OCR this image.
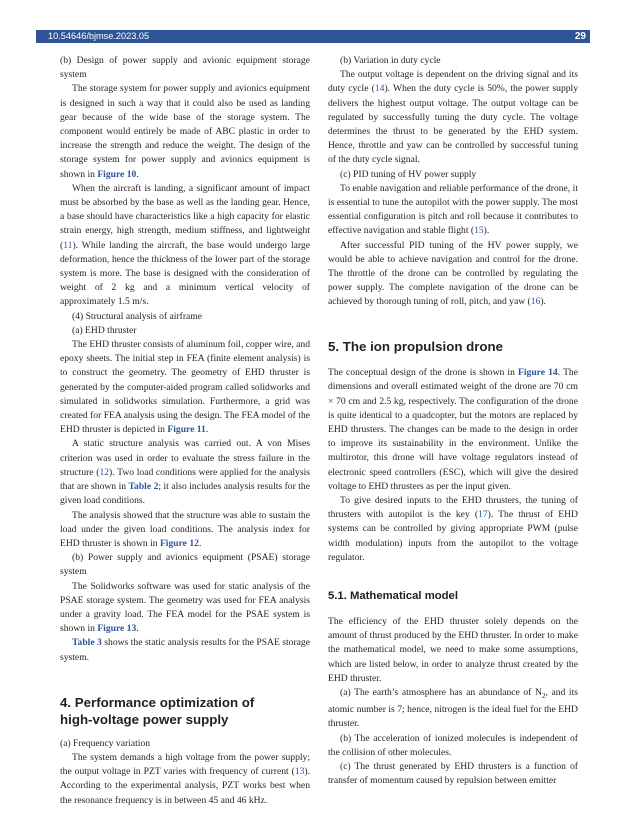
10.54646/bjmse.2023.05	29

(b) Design of power supply and avionic equipment storage system

The storage system for power supply and avionics equipment is designed in such a way that it could also be used as landing gear because of the wide base of the storage system. The component would entirely be made of ABC plastic in order to increase the strength and reduce the weight. The design of the storage system for power supply and avionics equipment is shown in Figure 10.

When the aircraft is landing, a significant amount of impact must be absorbed by the base as well as the landing gear. Hence, a base should have characteristics like a high capacity for elastic strain energy, high strength, medium stiffness, and lightweight (11). While landing the aircraft, the base would undergo large deformation, hence the thickness of the lower part of the storage system is more. The base is designed with the consideration of weight of 2 kg and a minimum vertical velocity of approximately 1.5 m/s.

(4) Structural analysis of airframe

(a) EHD thruster

The EHD thruster consists of aluminum foil, copper wire, and epoxy sheets. The initial step in FEA (finite element analysis) is to construct the geometry. The geometry of EHD thruster is generated by the computer-aided program called solidworks and simulated in solidworks simulation. Furthermore, a grid was created for FEA analysis using the design. The FEA model of the EHD thruster is depicted in Figure 11.

A static structure analysis was carried out. A von Mises criterion was used in order to evaluate the stress failure in the structure (12). Two load conditions were applied for the analysis that are shown in Table 2; it also includes analysis results for the given load conditions.

The analysis showed that the structure was able to sustain the load under the given load conditions. The analysis index for EHD thruster is shown in Figure 12.

(b) Power supply and avionics equipment (PSAE) storage system

The Solidworks software was used for static analysis of the PSAE storage system. The geometry was used for FEA analysis under a gravity load. The FEA model for the PSAE system is shown in Figure 13.

Table 3 shows the static analysis results for the PSAE storage system.

4. Performance optimization of
high-voltage power supply

(a) Frequency variation

The system demands a high voltage from the power supply; the output voltage in PZT varies with frequency of current (13). According to the experimental analysis, PZT works best when the resonance frequency is in between 45 and 46 kHz.

(b) Variation in duty cycle

The output voltage is dependent on the driving signal and its duty cycle (14). When the duty cycle is 50%, the power supply delivers the highest output voltage. The output voltage can be regulated by successfully tuning the duty cycle. The voltage determines the thrust to be generated by the EHD system. Hence, throttle and yaw can be controlled by successful tuning of the duty cycle signal.

(c) PID tuning of HV power supply

To enable navigation and reliable performance of the drone, it is essential to tune the autopilot with the power supply. The most essential configuration is pitch and roll because it contributes to effective navigation and stable flight (15).

After successful PID tuning of the HV power supply, we would be able to achieve navigation and control for the drone. The throttle of the drone can be controlled by regulating the power supply. The complete navigation of the drone can be achieved by thorough tuning of roll, pitch, and yaw (16).

5. The ion propulsion drone

The conceptual design of the drone is shown in Figure 14. The dimensions and overall estimated weight of the drone are 70 cm × 70 cm and 2.5 kg, respectively. The configuration of the drone is quite identical to a quadcopter, but the motors are replaced by EHD thrusters. The changes can be made to the design in order to improve its sustainability in the environment. Unlike the multirotor, this drone will have voltage regulators instead of electronic speed controllers (ESC), which will give the desired voltage to EHD thrusters as per the input given.

To give desired inputs to the EHD thrusters, the tuning of thrusters with autopilot is the key (17). The thrust of EHD systems can be controlled by giving appropriate PWM (pulse width modulation) inputs from the autopilot to the voltage regulator.

5.1. Mathematical model

The efficiency of the EHD thruster solely depends on the amount of thrust produced by the EHD thruster. In order to make the mathematical model, we need to make some assumptions, which are listed below, in order to analyze thrust created by the EHD thruster.

(a) The earth’s atmosphere has an abundance of $N_2$, and its atomic number is 7; hence, nitrogen is the ideal fuel for the EHD thruster.

(b) The acceleration of ionized molecules is independent of the collision of other molecules.

(c) The thrust generated by EHD thrusters is a function of transfer of momentum caused by repulsion between emitter
